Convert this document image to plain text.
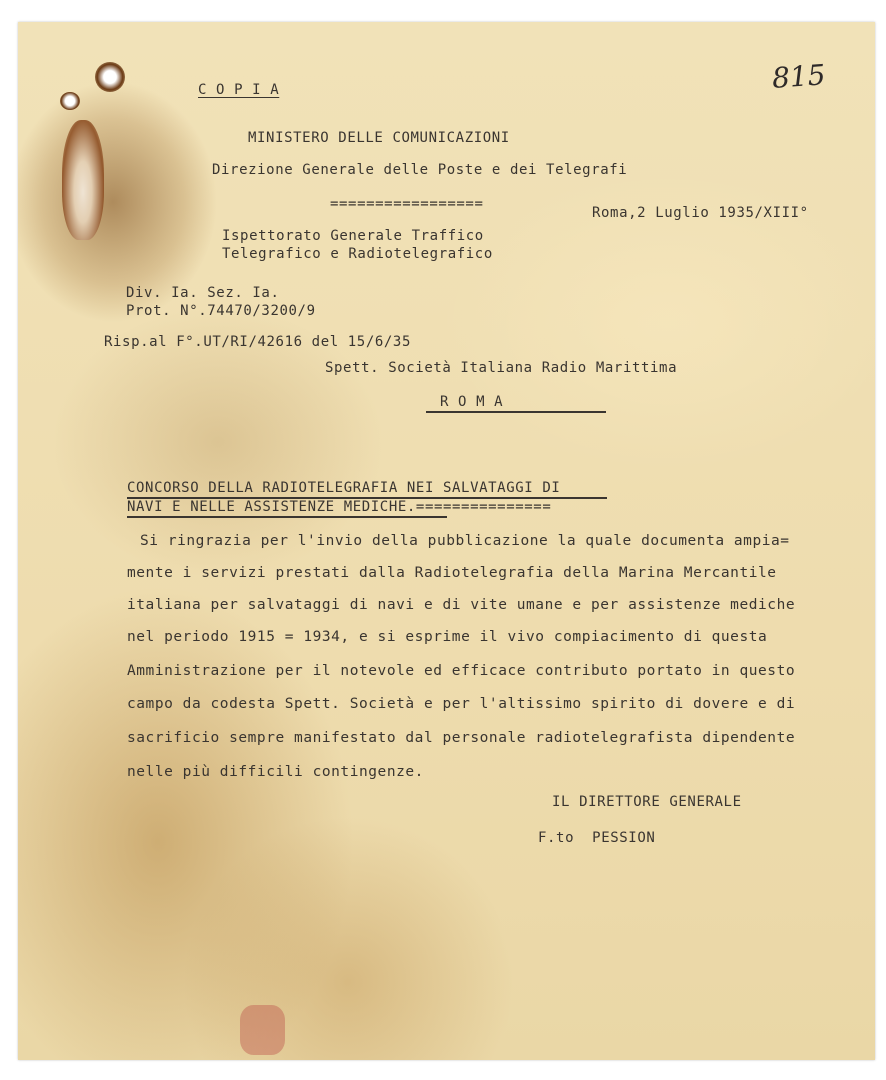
C O P I A	815
MINISTERO DELLE COMUNICAZIONI
Direzione Generale delle Poste e dei Telegrafi
=================
Roma,2 Luglio 1935/XIII°
Ispettorato Generale Traffico
Telegrafico e Radiotelegrafico
Div. Ia. Sez. Ia.
Prot. N°.74470/3200/9
Risp.al F°.UT/RI/42616 del 15/6/35
Spett. Società Italiana Radio Marittima
R O M A
CONCORSO DELLA RADIOTELEGRAFIA NEI SALVATAGGI DI
NAVI E NELLE ASSISTENZE MEDICHE.===============
Si ringrazia per l'invio della pubblicazione la quale documenta ampia=
mente i servizi prestati dalla Radiotelegrafia della Marina Mercantile
italiana per salvataggi di navi e di vite umane e per assistenze mediche
nel periodo 1915 = 1934, e si esprime il vivo compiacimento di questa
Amministrazione per il notevole ed efficace contributo portato in questo
campo da codesta Spett. Società e per l'altissimo spirito di dovere e di
sacrificio sempre manifestato dal personale radiotelegrafista dipendente
nelle più difficili contingenze.
IL DIRETTORE GENERALE
F.to  PESSION
